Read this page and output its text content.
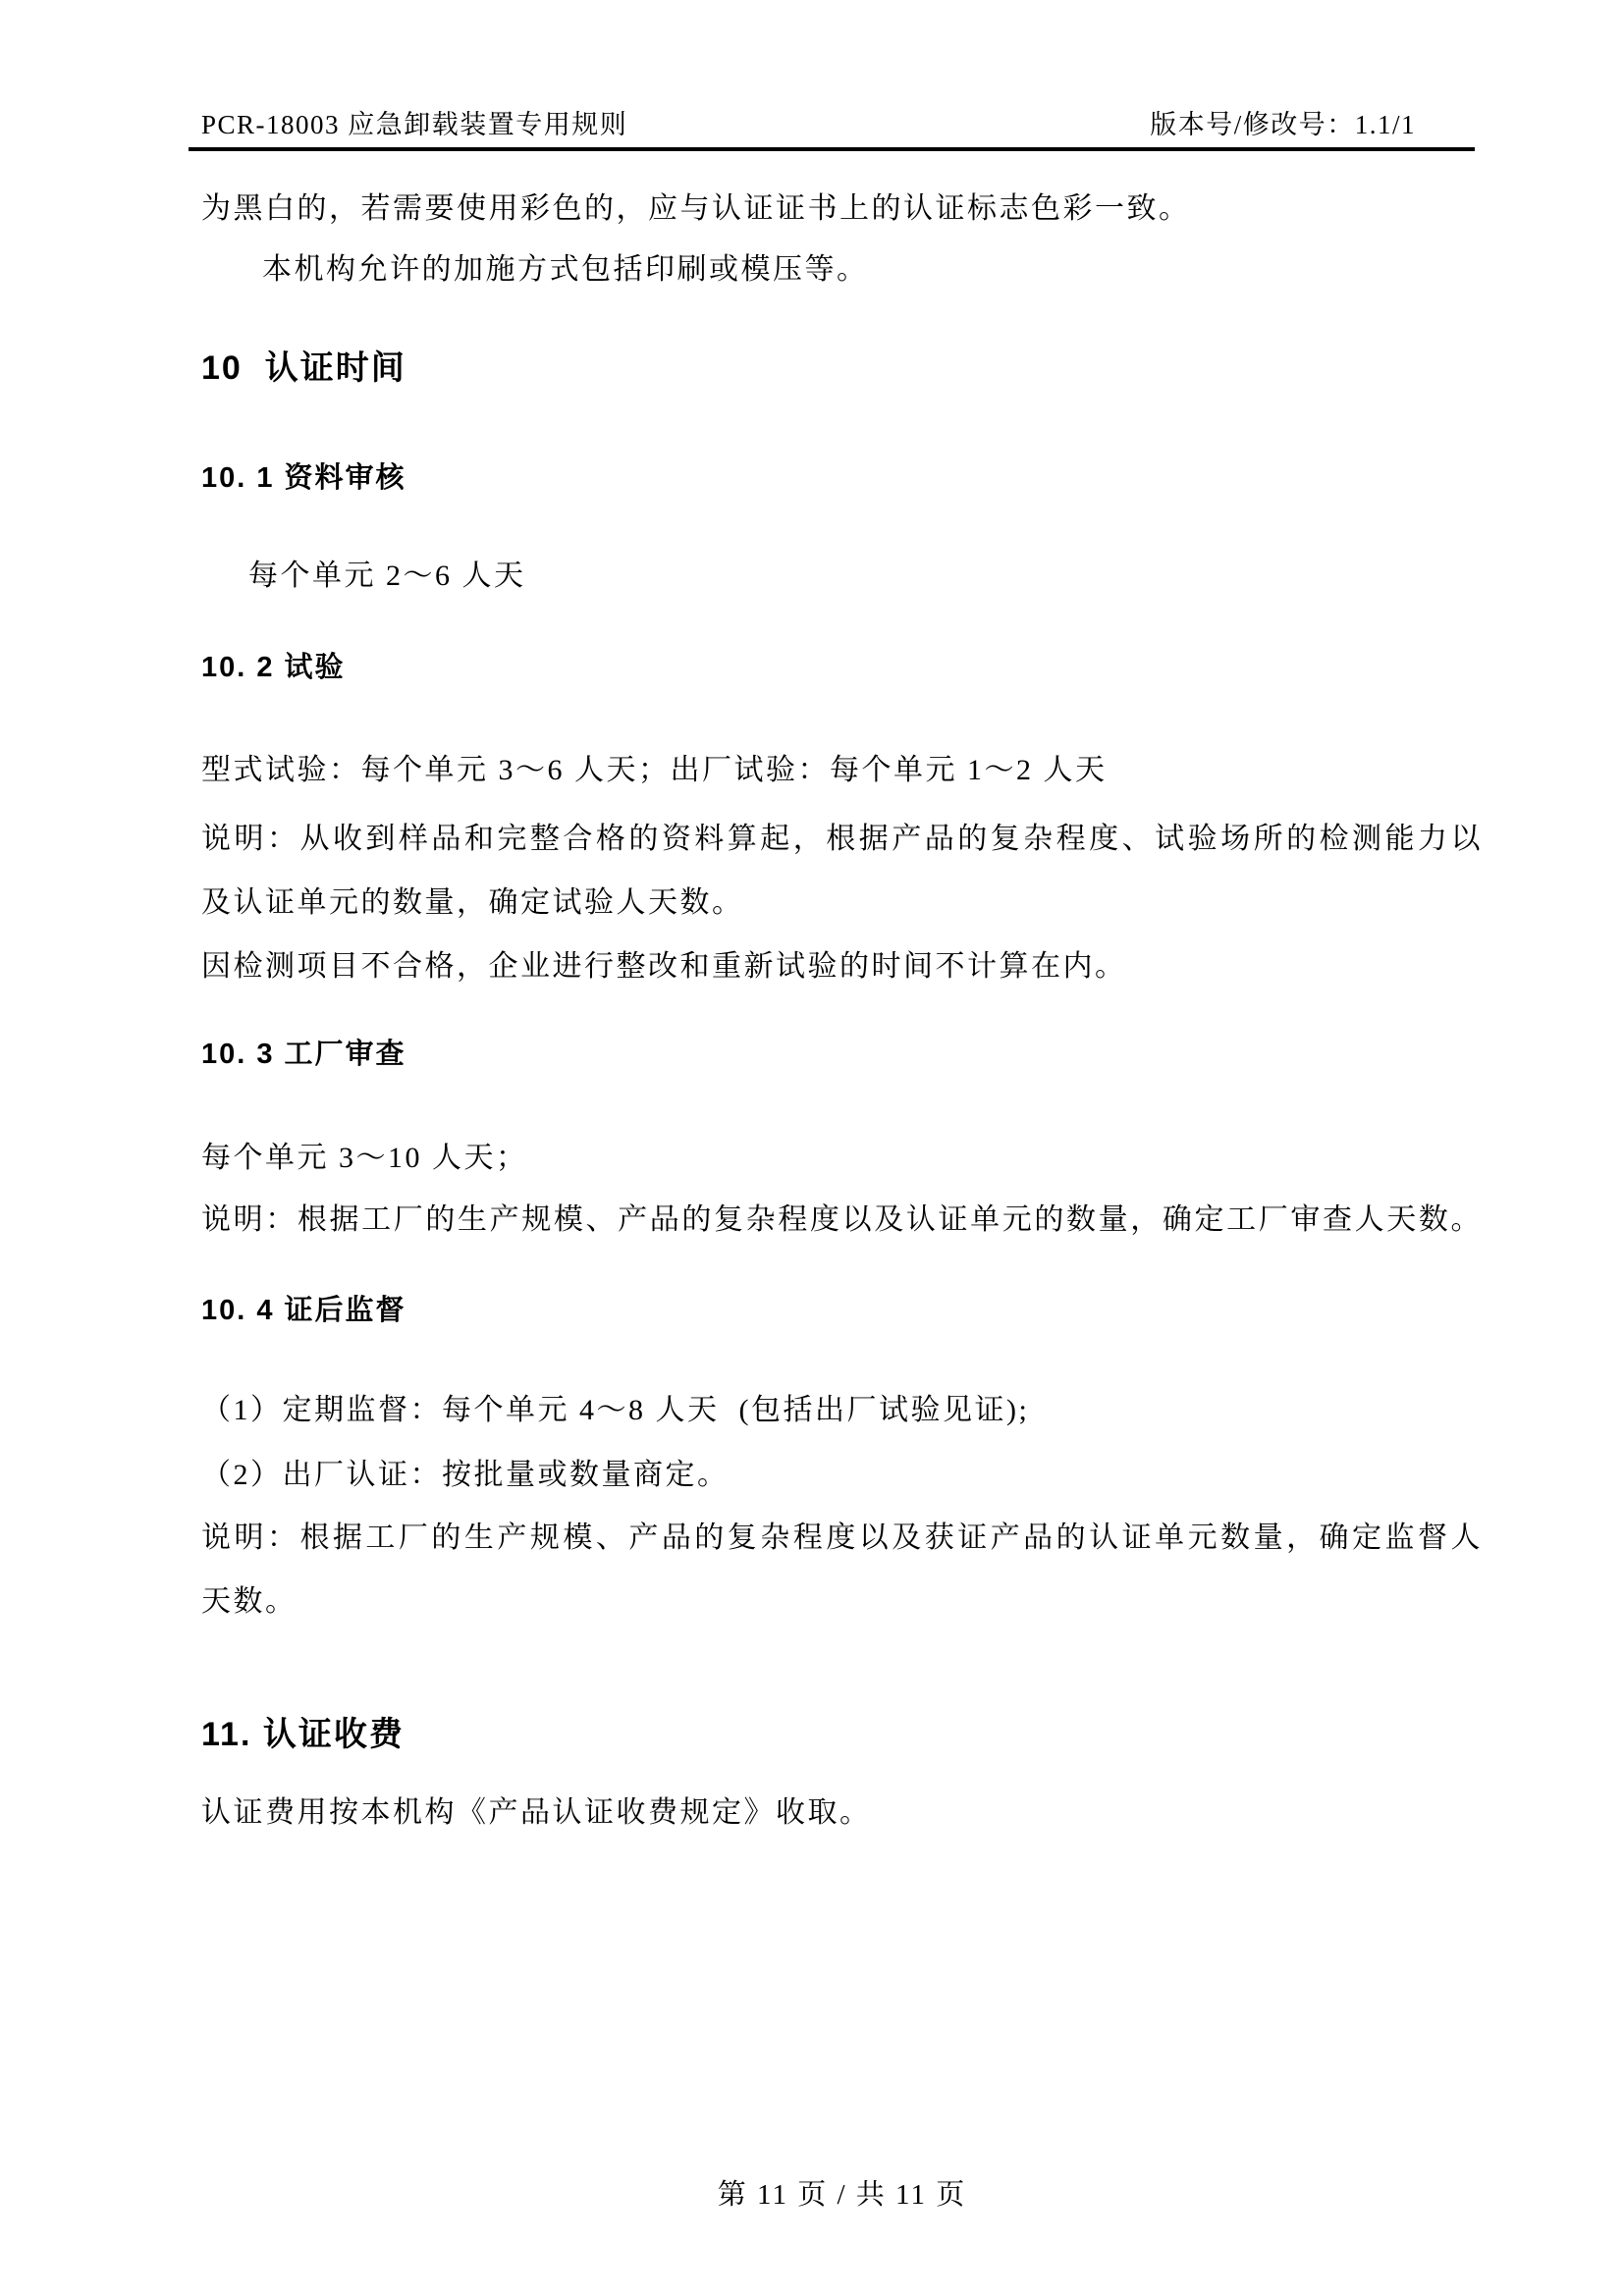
PCR-18003 应急卸载装置专用规则	版本号/修改号：1.1/1
为黑白的，若需要使用彩色的，应与认证证书上的认证标志色彩一致。
本机构允许的加施方式包括印刷或模压等。
10  认证时间
10. 1 资料审核
每个单元 2～6 人天
10. 2 试验
型式试验：每个单元 3～6 人天；出厂试验：每个单元 1～2 人天
说明：从收到样品和完整合格的资料算起，根据产品的复杂程度、试验场所的检测能力以
及认证单元的数量，确定试验人天数。
因检测项目不合格，企业进行整改和重新试验的时间不计算在内。
10. 3 工厂审查
每个单元 3～10 人天；
说明：根据工厂的生产规模、产品的复杂程度以及认证单元的数量，确定工厂审查人天数。
10. 4 证后监督
（1）定期监督：每个单元 4～8 人天  (包括出厂试验见证);
（2）出厂认证：按批量或数量商定。
说明：根据工厂的生产规模、产品的复杂程度以及获证产品的认证单元数量，确定监督人
天数。
11. 认证收费
认证费用按本机构《产品认证收费规定》收取。
第 11 页 / 共 11 页
